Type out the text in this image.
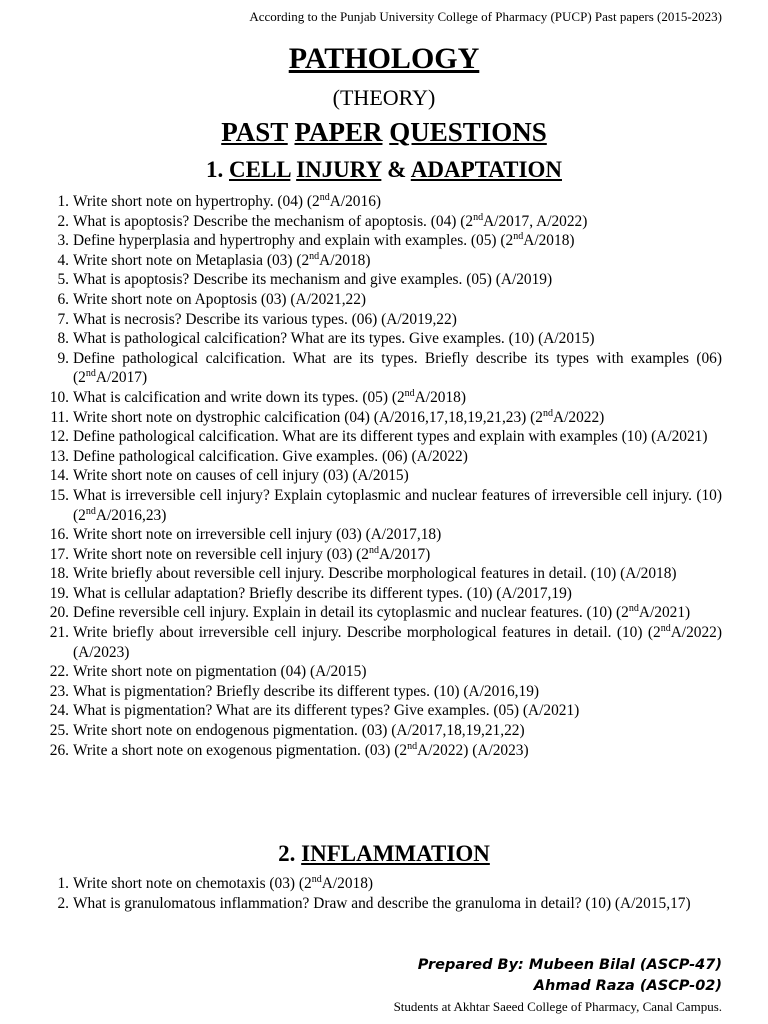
According to the Punjab University College of Pharmacy (PUCP) Past papers (2015-2023)
PATHOLOGY
(THEORY)
PAST PAPER QUESTIONS
1. CELL INJURY & ADAPTATION
1. Write short note on hypertrophy. (04) (2ndA/2016)
2. What is apoptosis? Describe the mechanism of apoptosis. (04) (2ndA/2017, A/2022)
3. Define hyperplasia and hypertrophy and explain with examples. (05) (2ndA/2018)
4. Write short note on Metaplasia (03) (2ndA/2018)
5. What is apoptosis? Describe its mechanism and give examples. (05) (A/2019)
6. Write short note on Apoptosis (03) (A/2021,22)
7. What is necrosis? Describe its various types. (06) (A/2019,22)
8. What is pathological calcification? What are its types. Give examples. (10) (A/2015)
9. Define pathological calcification. What are its types. Briefly describe its types with examples (06) (2ndA/2017)
10. What is calcification and write down its types. (05) (2ndA/2018)
11. Write short note on dystrophic calcification (04) (A/2016,17,18,19,21,23) (2ndA/2022)
12. Define pathological calcification. What are its different types and explain with examples (10) (A/2021)
13. Define pathological calcification. Give examples. (06) (A/2022)
14. Write short note on causes of cell injury (03) (A/2015)
15. What is irreversible cell injury? Explain cytoplasmic and nuclear features of irreversible cell injury. (10) (2ndA/2016,23)
16. Write short note on irreversible cell injury (03) (A/2017,18)
17. Write short note on reversible cell injury (03) (2ndA/2017)
18. Write briefly about reversible cell injury. Describe morphological features in detail. (10) (A/2018)
19. What is cellular adaptation? Briefly describe its different types. (10) (A/2017,19)
20. Define reversible cell injury. Explain in detail its cytoplasmic and nuclear features. (10) (2ndA/2021)
21. Write briefly about irreversible cell injury. Describe morphological features in detail. (10) (2ndA/2022) (A/2023)
22. Write short note on pigmentation (04) (A/2015)
23. What is pigmentation? Briefly describe its different types. (10) (A/2016,19)
24. What is pigmentation? What are its different types? Give examples. (05) (A/2021)
25. Write short note on endogenous pigmentation. (03) (A/2017,18,19,21,22)
26. Write a short note on exogenous pigmentation. (03) (2ndA/2022) (A/2023)
2. INFLAMMATION
1. Write short note on chemotaxis (03) (2ndA/2018)
2. What is granulomatous inflammation? Draw and describe the granuloma in detail? (10) (A/2015,17)
Prepared By: Mubeen Bilal (ASCP-47)
Ahmad Raza (ASCP-02)
Students at Akhtar Saeed College of Pharmacy, Canal Campus.
